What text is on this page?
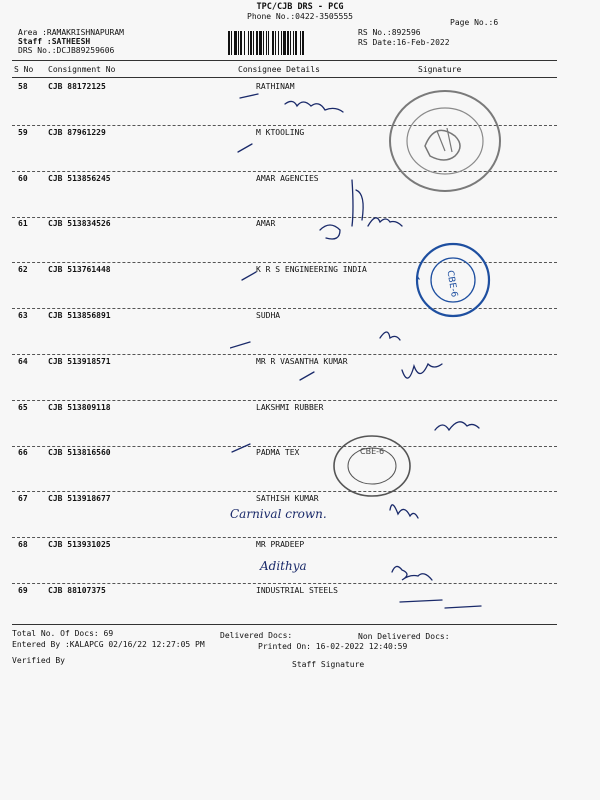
TPC/CJB DRS - PCG
Phone No.:0422-3505555
Area :RAMAKRISHNAPURAM
Staff :SATHEESH
DRS No.:DCJB89259606
RS No.:892596
RS Date:16-Feb-2022
Page No.:6
S No Consignment No	Consignee Details	Signature
58	CJB 88172125	RATHINAM
59	CJB 87961229	M KTOOLING
60	CJB 513856245	AMAR AGENCIES
61	CJB 513834526	AMAR
62	CJB 513761448	K R S ENGINEERING INDIA
63	CJB 513856891	SUDHA
64	CJB 513918571	MR R VASANTHA KUMAR
65	CJB 513809118	LAKSHMI RUBBER
66	CJB 513816560	PADMA TEX
67	CJB 513918677	SATHISH KUMAR
68	CJB 513931025	MR PRADEEP
69	CJB 88107375	INDUSTRIAL STEELS
Total No. Of Docs: 69	Delivered Docs:	Non Delivered Docs:
Entered By :KALAPCG 02/16/22 12:27:05 PM	Printed On: 16-02-2022 12:40:59
Verified By	Staff Signature
CBE-6
CBE-6
Carnival crown.
Adithya
